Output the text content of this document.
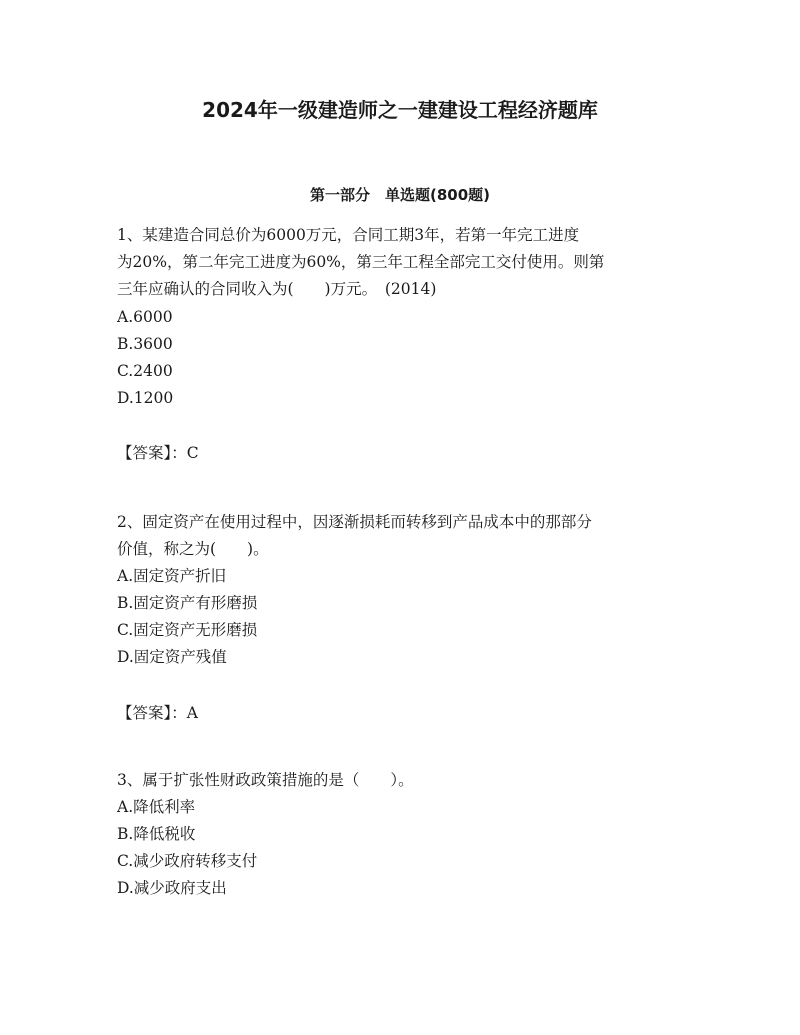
2024年一级建造师之一建建设工程经济题库
第一部分　单选题(800题)
1、某建造合同总价为6000万元，合同工期3年，若第一年完工进度
为20%，第二年完工进度为60%，第三年工程全部完工交付使用。则第
三年应确认的合同收入为(　　)万元。　(2014)
A.6000
B.3600
C.2400
D.1200
【答案】：C
2、固定资产在使用过程中，因逐渐损耗而转移到产品成本中的那部分
价值，称之为(　　)。
A.固定资产折旧
B.固定资产有形磨损
C.固定资产无形磨损
D.固定资产残值
【答案】：A
3、属于扩张性财政政策措施的是（　　）。
A.降低利率
B.降低税收
C.减少政府转移支付
D.减少政府支出
